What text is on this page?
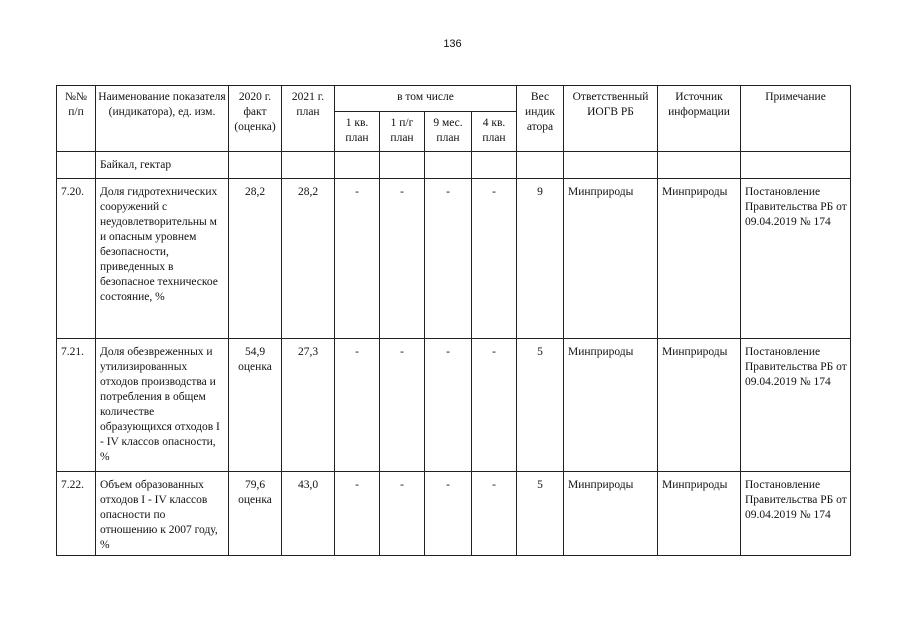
136
№№ п/п	Наименование показателя (индикатора), ед. изм.	2020 г. факт (оценка)	2021 г. план	в том числе				Вес индик атора	Ответственный ИОГВ РБ	Источник информации	Примечание
				1 кв. план	1 п/г план	9 мес. план	4 кв. план				
	Байкал, гектар										
7.20.	Доля гидротехнических сооружений с неудовлетворительны м и опасным уровнем безопасности, приведенных в безопасное техническое состояние, %	28,2	28,2	-	-	-	-	9	Минприроды	Минприроды	Постановление Правительства РБ от 09.04.2019 № 174
7.21.	Доля обезвреженных и утилизированных отходов производства и потребления в общем количестве образующихся отходов I - IV классов опасности, %	54,9 оценка	27,3	-	-	-	-	5	Минприроды	Минприроды	Постановление Правительства РБ от 09.04.2019 № 174
7.22.	Объем образованных отходов I - IV классов опасности по отношению к 2007 году, %	79,6 оценка	43,0	-	-	-	-	5	Минприроды	Минприроды	Постановление Правительства РБ от 09.04.2019 № 174
